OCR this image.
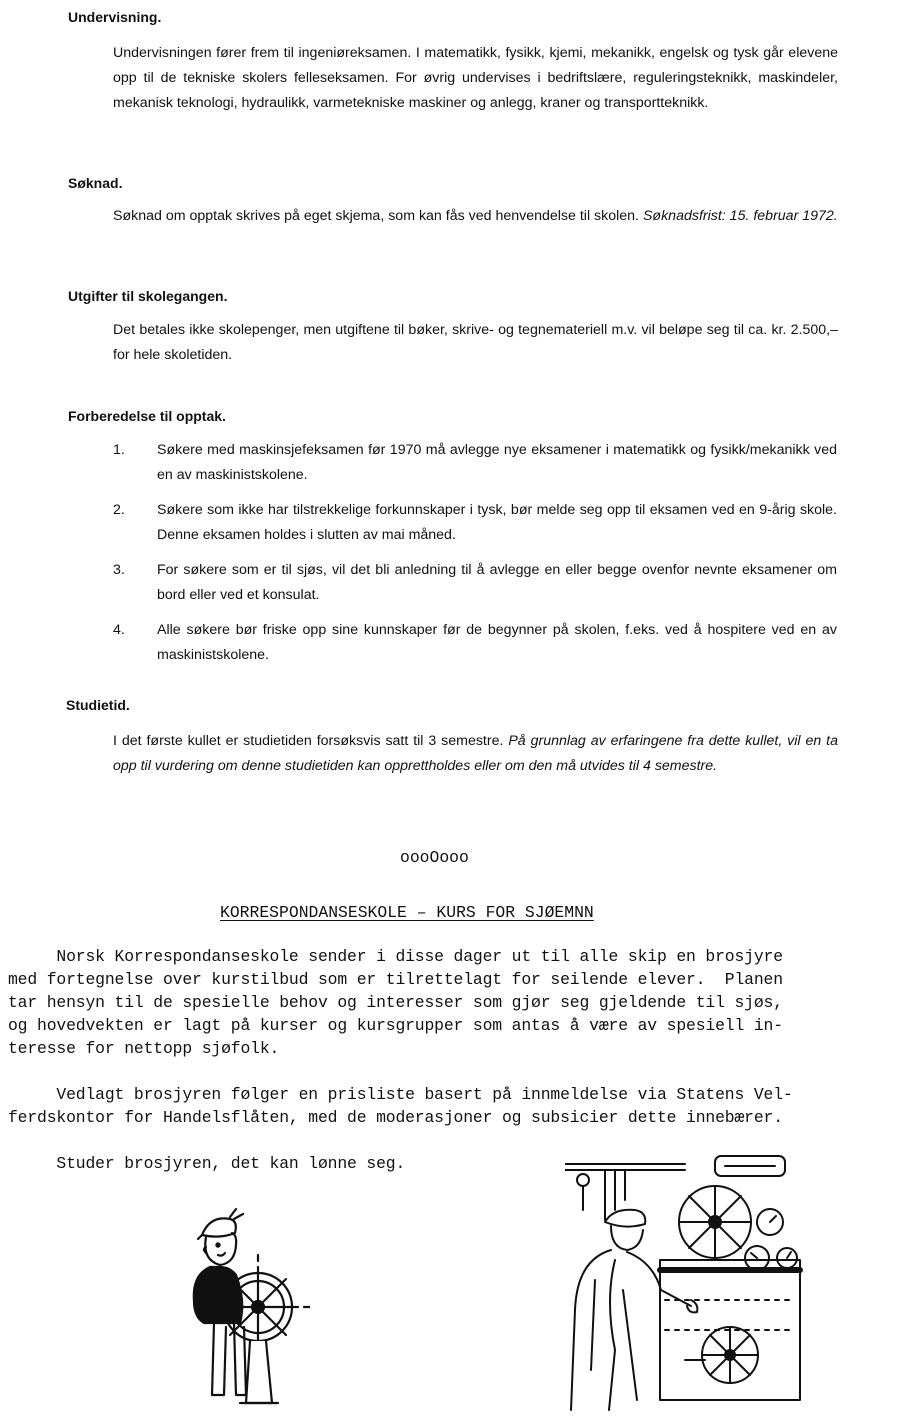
Undervisning.

Undervisningen fører frem til ingeniøreksamen. I matematikk, fysikk, kjemi, mekanikk, engelsk og tysk går elevene opp til de tekniske skolers felleseksamen. For øvrig undervises i bedriftslære, reguleringsteknikk, maskindeler, mekanisk teknologi, hydraulikk, varmetekniske maskiner og anlegg, kraner og transportteknikk.

Søknad.

Søknad om opptak skrives på eget skjema, som kan fås ved henvendelse til skolen. Søknadsfrist: 15. februar 1972.

Utgifter til skolegangen.

Det betales ikke skolepenger, men utgiftene til bøker, skrive- og tegnemateriell m.v. vil beløpe seg til ca. kr. 2.500,– for hele skoletiden.

Forberedelse til opptak.
1. Søkere med maskinsjefeksamen før 1970 må avlegge nye eksamener i matematikk og fysikk/mekanikk ved en av maskinistskolene.
2. Søkere som ikke har tilstrekkelige forkunnskaper i tysk, bør melde seg opp til eksamen ved en 9-årig skole. Denne eksamen holdes i slutten av mai måned.
3. For søkere som er til sjøs, vil det bli anledning til å avlegge en eller begge ovenfor nevnte eksamener om bord eller ved et konsulat.
4. Alle søkere bør friske opp sine kunnskaper før de begynner på skolen, f.eks. ved å hospitere ved en av maskinistskolene.
Studietid.

I det første kullet er studietiden forsøksvis satt til 3 semestre. På grunnlag av erfaringene fra dette kullet, vil en ta opp til vurdering om denne studietiden kan opprettholdes eller om den må utvides til 4 semestre.

oooOooo
KORRESPONDANSESKOLE – KURS FOR SJØEMNN
Norsk Korrespondanseskole sender i disse dager ut til alle skip en brosjyre
med fortegnelse over kurstilbud som er tilrettelagt for seilende elever.  Planen
tar hensyn til de spesielle behov og interesser som gjør seg gjeldende til sjøs,
og hovedvekten er lagt på kurser og kursgrupper som antas å være av spesiell in-
teresse for nettopp sjøfolk.
Vedlagt brosjyren følger en prisliste basert på innmeldelse via Statens Vel-
ferdskontor for Handelsflåten, med de moderasjoner og subsicier dette innebærer.
Studer brosjyren, det kan lønne seg.
